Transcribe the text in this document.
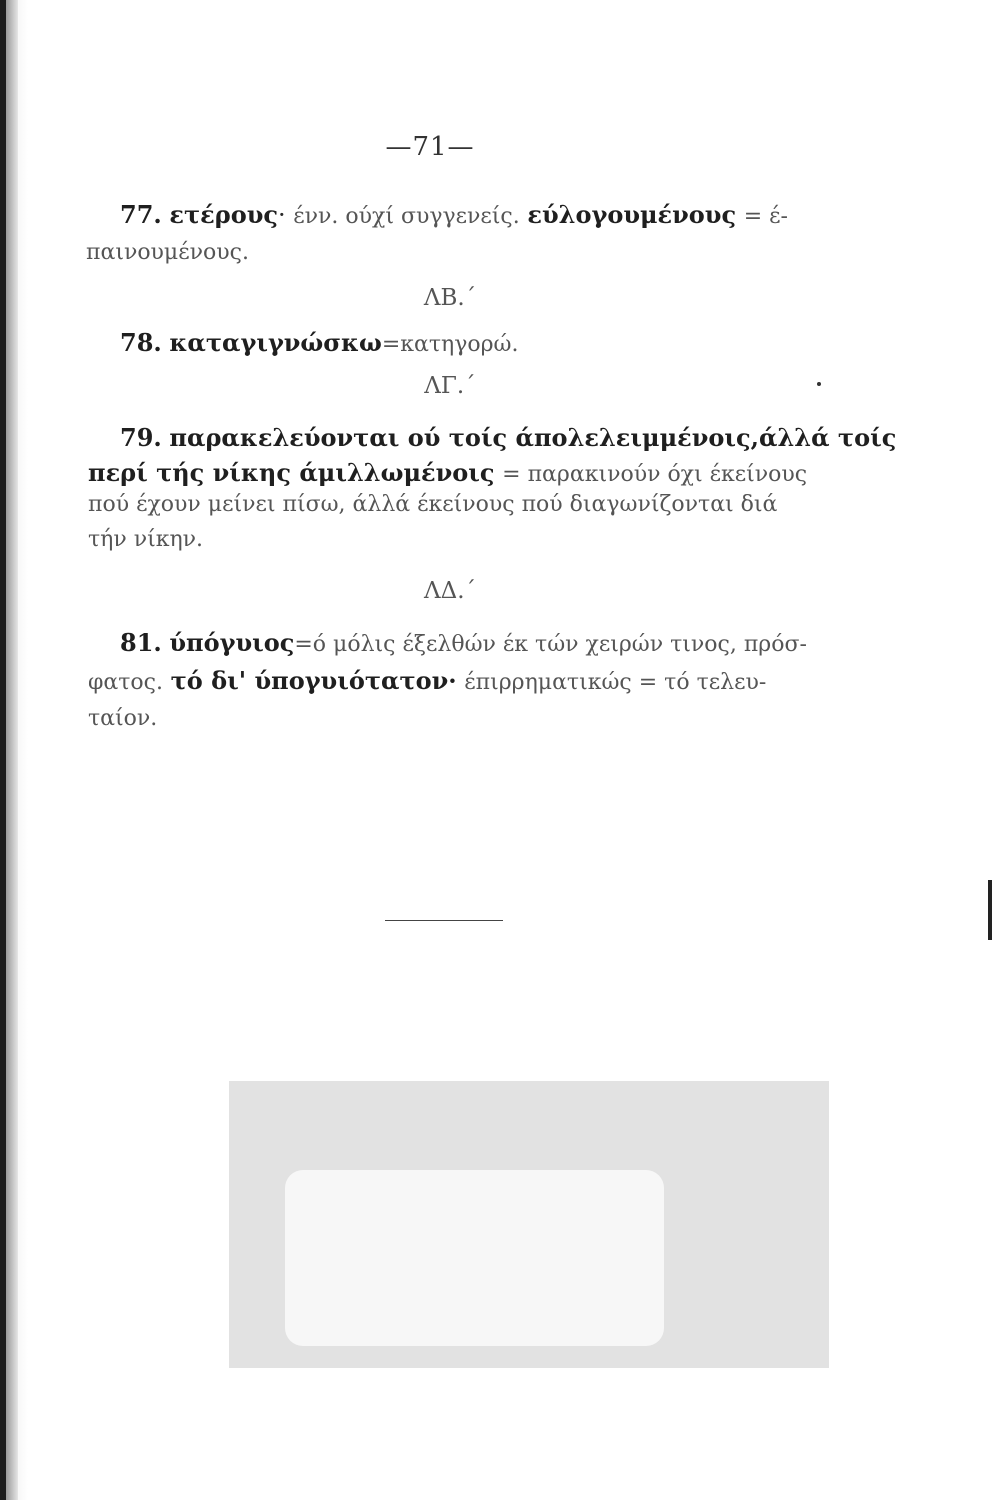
—71—
77. ετέρους· ένν. ούχί συγγενείς. εύλογουμένους = έ-
παινουμένους.
ΛΒ.΄
78. καταγιγνώσκω=κατηγορώ.
ΛΓ.΄
79. παρακελεύονται ού τοίς άπολελειμμένοις,άλλά τοίς
περί τής νίκης άμιλλωμένοις = παρακινούν όχι έκείνους
πού έχουν μείνει πίσω, άλλά έκείνους πού διαγωνίζονται διά
τήν νίκην.
ΛΔ.΄
81. ύπόγυιος=ό μόλις έξελθών έκ τών χειρών τινος, πρόσ-
φατος. τό δι' ύπογυιότατον· έπιρρηματικώς = τό τελευ-
ταίον.
